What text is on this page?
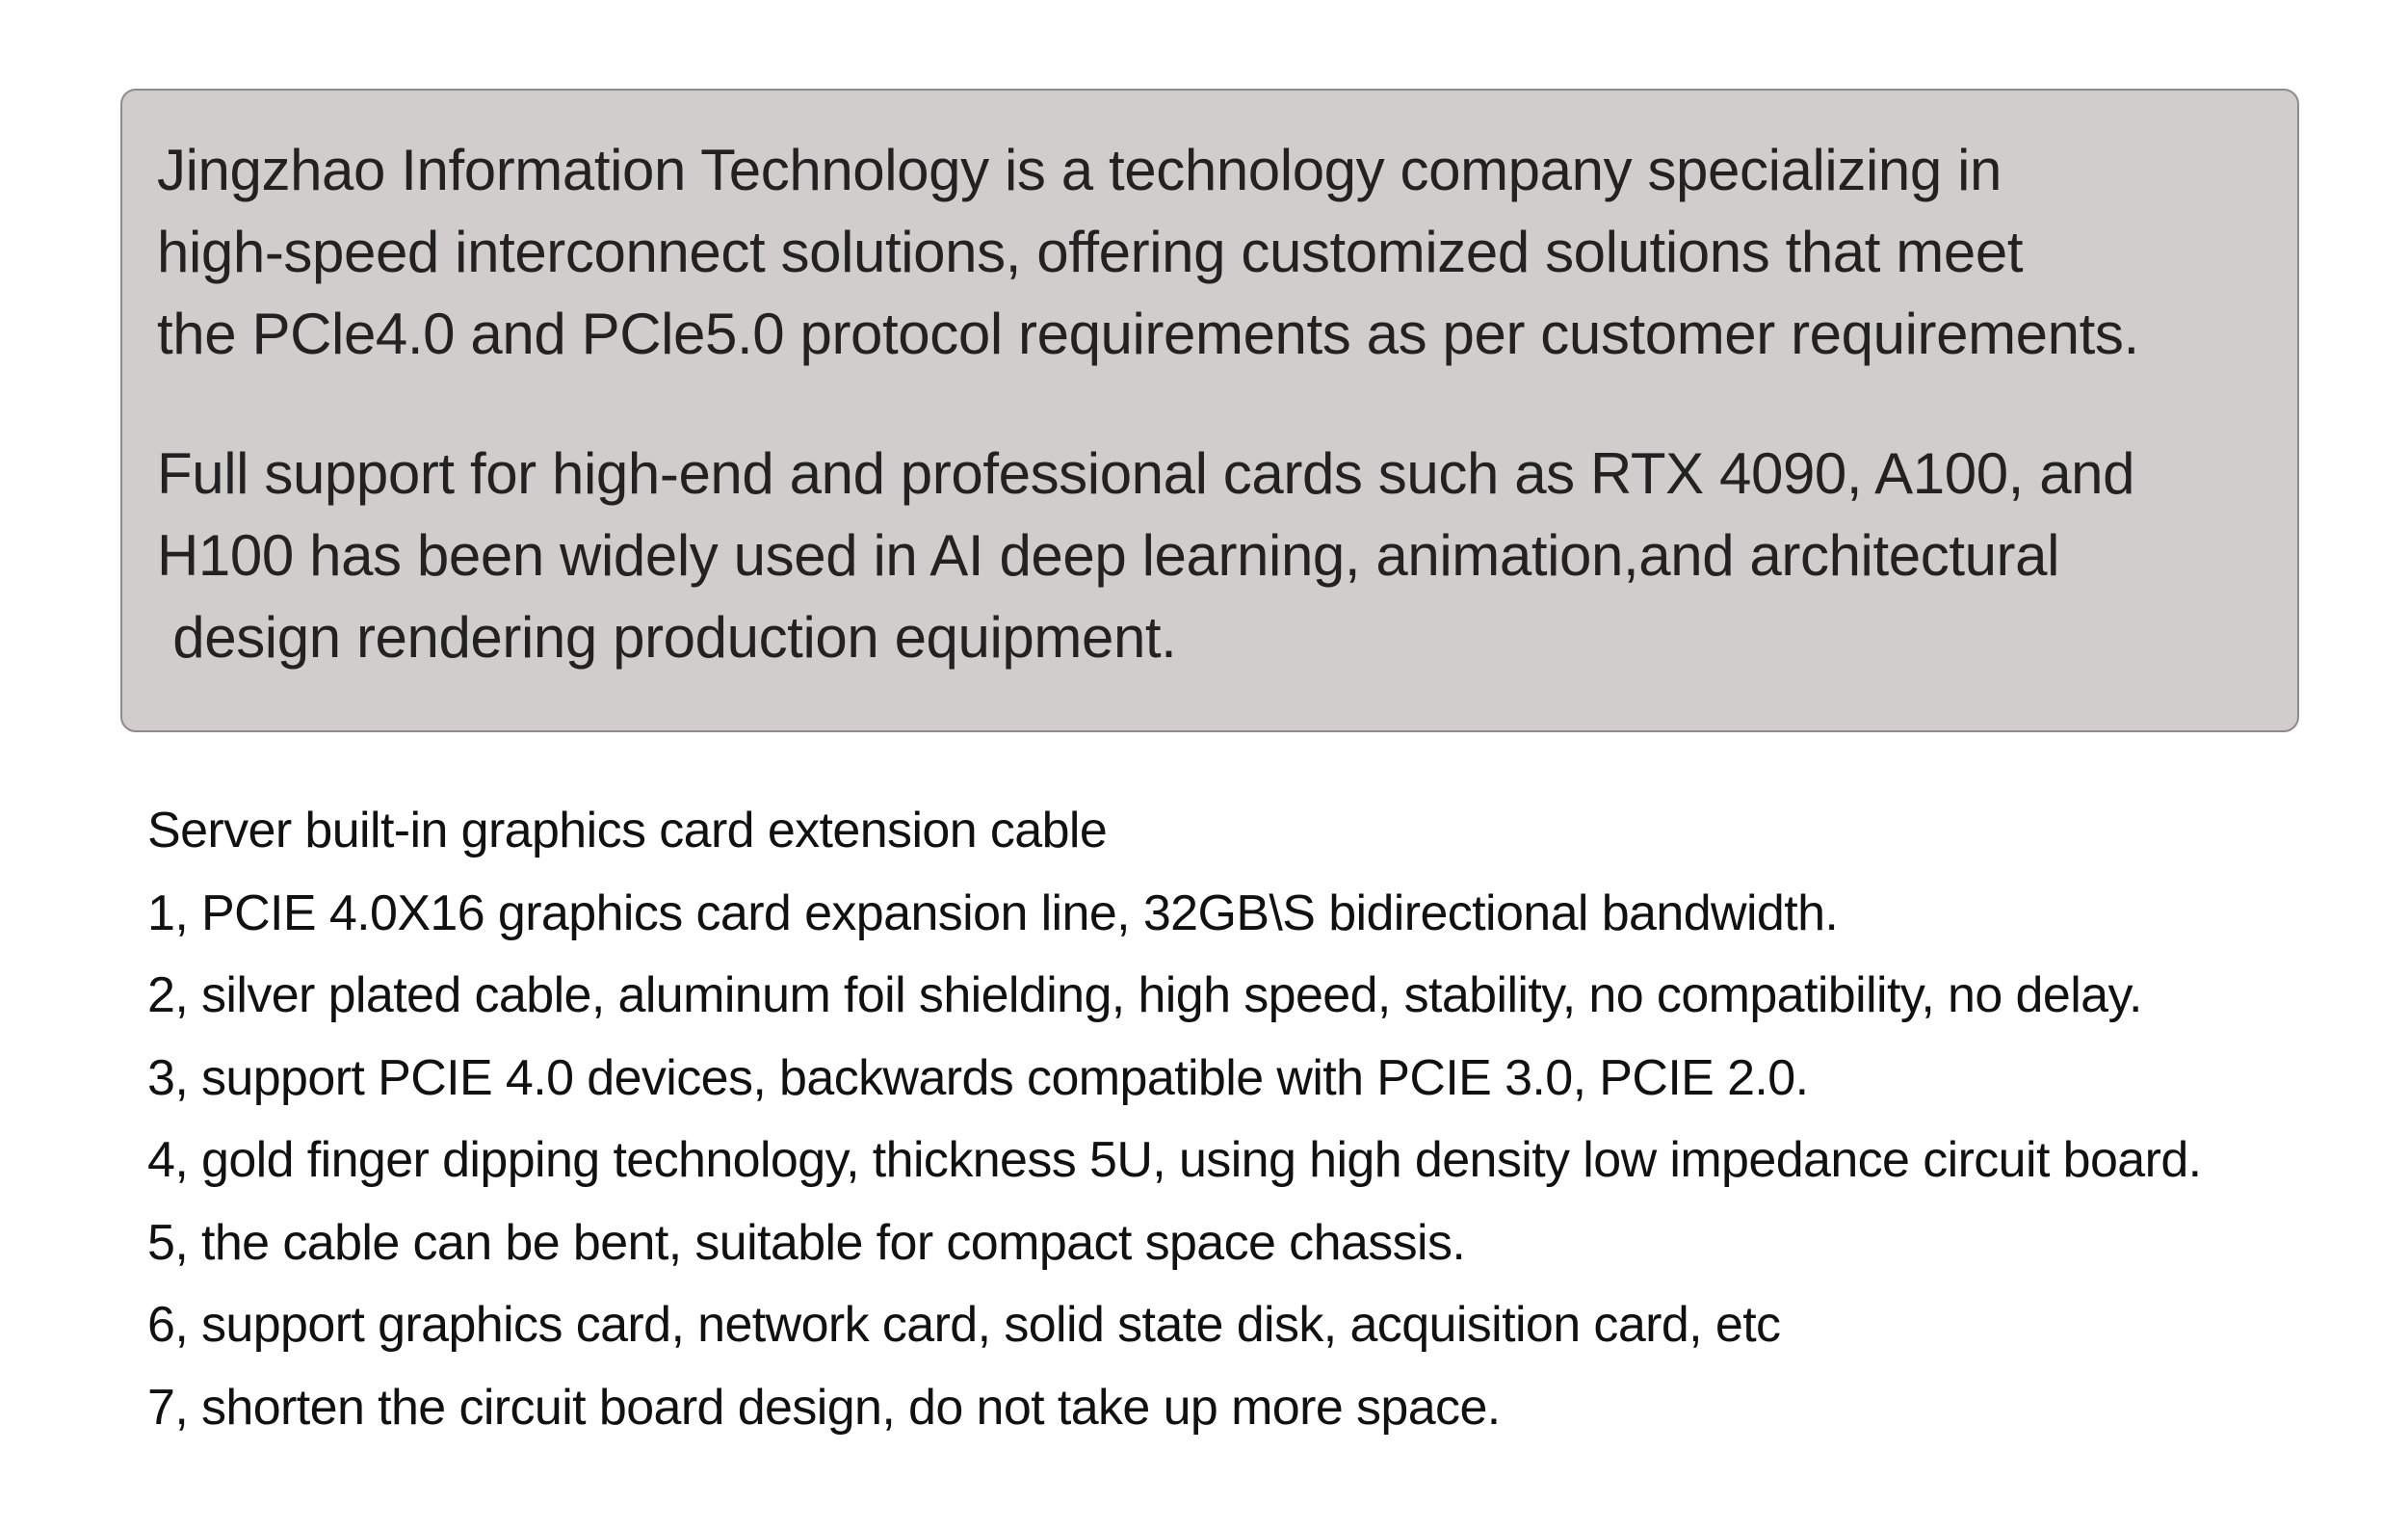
Jingzhao Information Technology is a technology company specializing in
high-speed interconnect solutions, offering customized solutions that meet
the PCle4.0 and PCle5.0 protocol requirements as per customer requirements.

Full support for high-end and professional cards such as RTX 4090, A100, and
H100 has been widely used in AI deep learning, animation,and architectural
design rendering production equipment.

Server built-in graphics card extension cable
1, PCIE 4.0X16 graphics card expansion line, 32GB\S bidirectional bandwidth.
2, silver plated cable, aluminum foil shielding, high speed, stability, no compatibility, no delay.
3, support PCIE 4.0 devices, backwards compatible with PCIE 3.0, PCIE 2.0.
4, gold finger dipping technology, thickness 5U, using high density low impedance circuit board.
5, the cable can be bent, suitable for compact space chassis.
6, support graphics card, network card, solid state disk, acquisition card, etc
7, shorten the circuit board design, do not take up more space.
